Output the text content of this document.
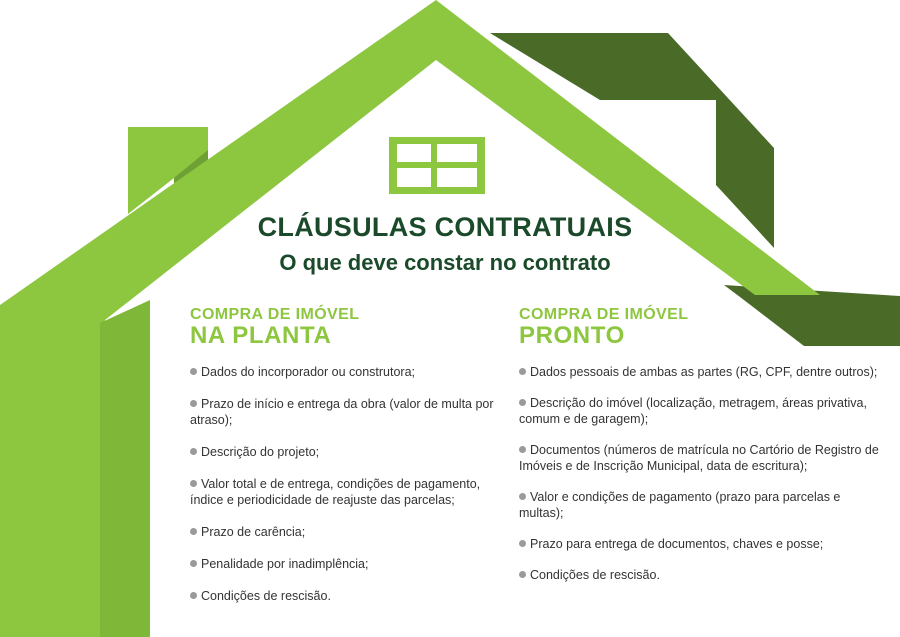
CLÁUSULAS CONTRATUAIS
O que deve constar no contrato
COMPRA DE IMÓVEL
NA PLANTA
Dados do incorporador ou construtora;
Prazo de início e entrega da obra (valor de multa por atraso);
Descrição do projeto;
Valor total e de entrega, condições de pagamento, índice e periodicidade de reajuste das parcelas;
Prazo de carência;
Penalidade por inadimplência;
Condições de rescisão.
COMPRA DE IMÓVEL
PRONTO
Dados pessoais de ambas as partes (RG, CPF, dentre outros);
Descrição do imóvel (localização, metragem, áreas privativa, comum e de garagem);
Documentos (números de matrícula no Cartório de Registro de Imóveis e de Inscrição Municipal, data de escritura);
Valor e condições de pagamento (prazo para parcelas e multas);
Prazo para entrega de documentos, chaves e posse;
Condições de rescisão.
